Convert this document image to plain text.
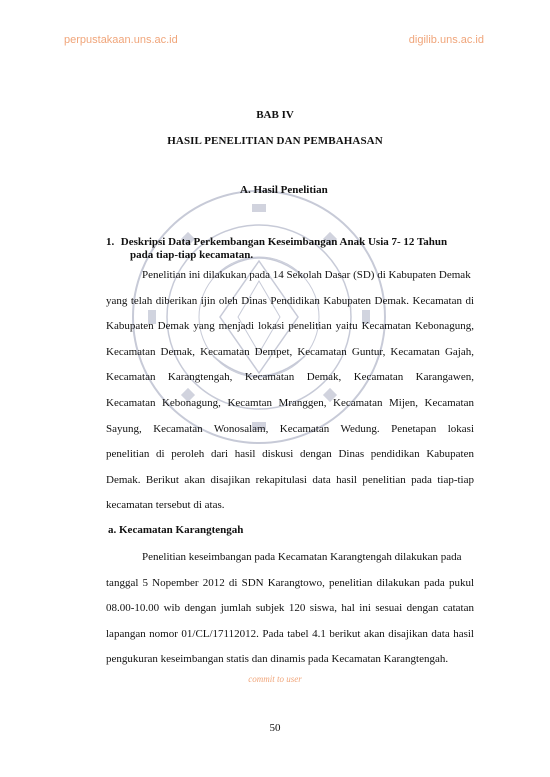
perpustakaan.uns.ac.id	digilib.uns.ac.id
BAB IV
HASIL PENELITIAN DAN PEMBAHASAN
A. Hasil Penelitian
1. Deskripsi Data Perkembangan Keseimbangan Anak Usia 7- 12 Tahun
pada tiap-tiap kecamatan.
Penelitian ini dilakukan pada 14 Sekolah Dasar (SD) di Kabupaten Demak
yang telah diberikan ijin oleh Dinas Pendidikan Kabupaten Demak. Kecamatan di
Kabupaten Demak yang menjadi lokasi penelitian yaitu Kecamatan Kebonagung,
Kecamatan Demak, Kecamatan Dempet, Kecamatan Guntur, Kecamatan Gajah,
Kecamatan Karangtengah, Kecamatan Demak, Kecamatan Karangawen,
Kecamatan Kebonagung, Kecamtan Mranggen, Kecamatan Mijen, Kecamatan
Sayung, Kecamatan Wonosalam, Kecamatan Wedung. Penetapan lokasi
penelitian di peroleh dari hasil diskusi dengan Dinas pendidikan Kabupaten
Demak. Berikut akan disajikan rekapitulasi data hasil penelitian pada tiap-tiap
kecamatan tersebut di atas.
a. Kecamatan Karangtengah
Penelitian keseimbangan pada Kecamatan Karangtengah dilakukan pada
tanggal 5 Nopember 2012 di SDN Karangtowo, penelitian dilakukan pada pukul
08.00-10.00 wib dengan jumlah subjek 120 siswa, hal ini sesuai dengan catatan
lapangan nomor 01/CL/17112012. Pada tabel 4.1 berikut akan disajikan data hasil
pengukuran keseimbangan statis dan dinamis pada Kecamatan Karangtengah.
commit to user
50
